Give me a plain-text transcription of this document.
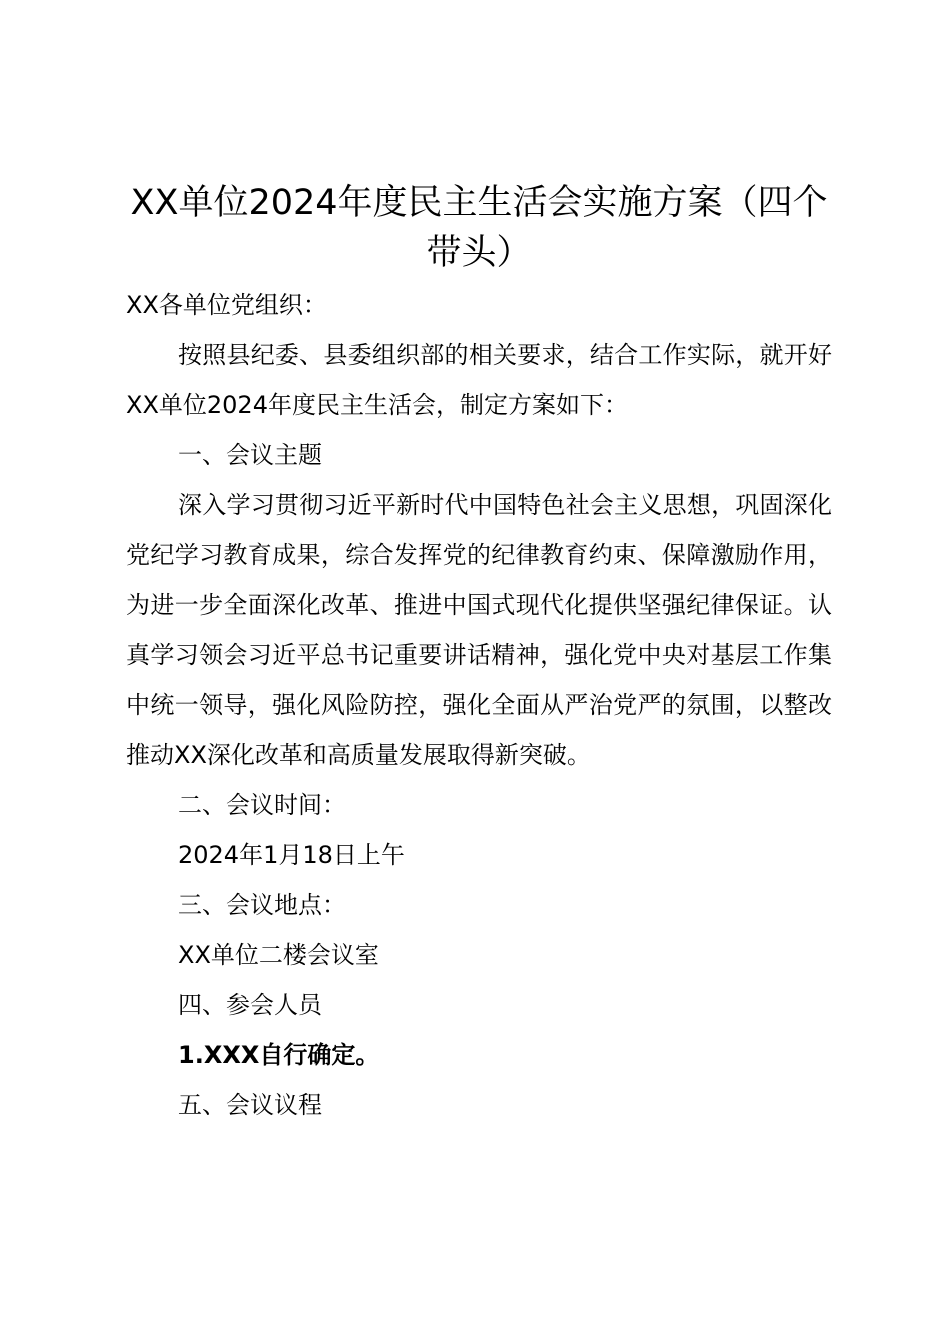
XX单位2024年度民主生活会实施方案（四个带头）

XX各单位党组织：

按照县纪委、县委组织部的相关要求，结合工作实际，就开好XX单位2024年度民主生活会，制定方案如下：

一、会议主题

深入学习贯彻习近平新时代中国特色社会主义思想，巩固深化党纪学习教育成果，综合发挥党的纪律教育约束、保障激励作用，为进一步全面深化改革、推进中国式现代化提供坚强纪律保证。认真学习领会习近平总书记重要讲话精神，强化党中央对基层工作集中统一领导，强化风险防控，强化全面从严治党严的氛围，以整改推动XX深化改革和高质量发展取得新突破。

二、会议时间：

2024年1月18日上午

三、会议地点：

XX单位二楼会议室

四、参会人员

1.XXX自行确定。

五、会议议程
